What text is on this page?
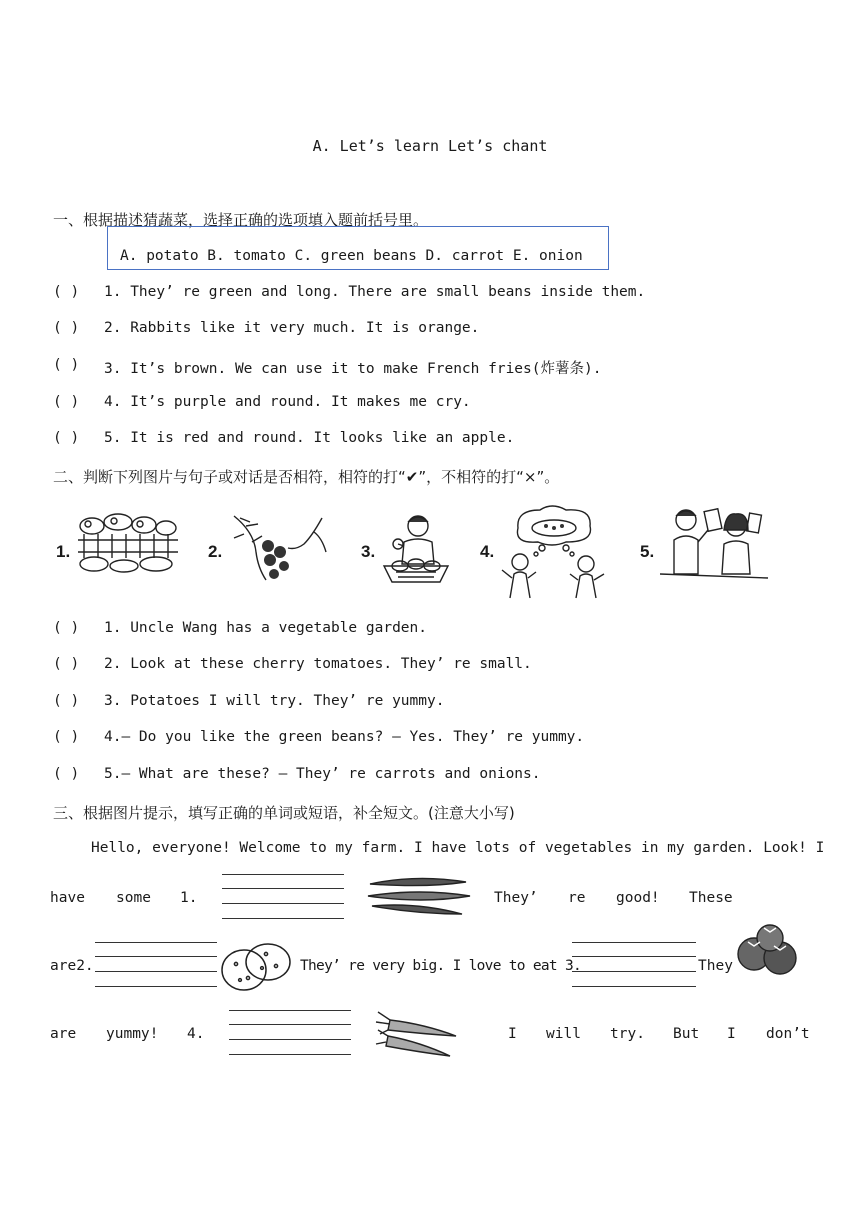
A. Let’s learn Let’s chant
一、根据描述猜蔬菜，选择正确的选项填入题前括号里。
A. potato B. tomato C. green beans D. carrot E. onion
( ) 1. They’ re green and long. There are small beans inside them.
( ) 2. Rabbits like it very much. It is orange.
( ) 3. It’s brown. We can use it to make French fries(炸薯条).
( ) 4. It’s purple and round. It makes me cry.
( ) 5. It is red and round. It looks like an apple.
二、判断下列图片与句子或对话是否相符，相符的打“✔”，不相符的打“×”。
1.	2.	3.	4.	5.
( ) 1. Uncle Wang has a vegetable garden.
( ) 2. Look at these cherry tomatoes. They’ re small.
( ) 3. Potatoes I will try. They’ re yummy.
( ) 4.— Do you like the green beans? — Yes. They’ re yummy.
( ) 5.— What are these? — They’ re carrots and onions.
三、根据图片提示，填写正确的单词或短语，补全短文。(注意大小写)
Hello, everyone! Welcome to my farm. I have lots of vegetables in my garden. Look! I
have some 1.	They’ re good! These
are2.	They’ re very big. I love to eat 3.	They
are yummy! 4.	I will try. But I don’t
